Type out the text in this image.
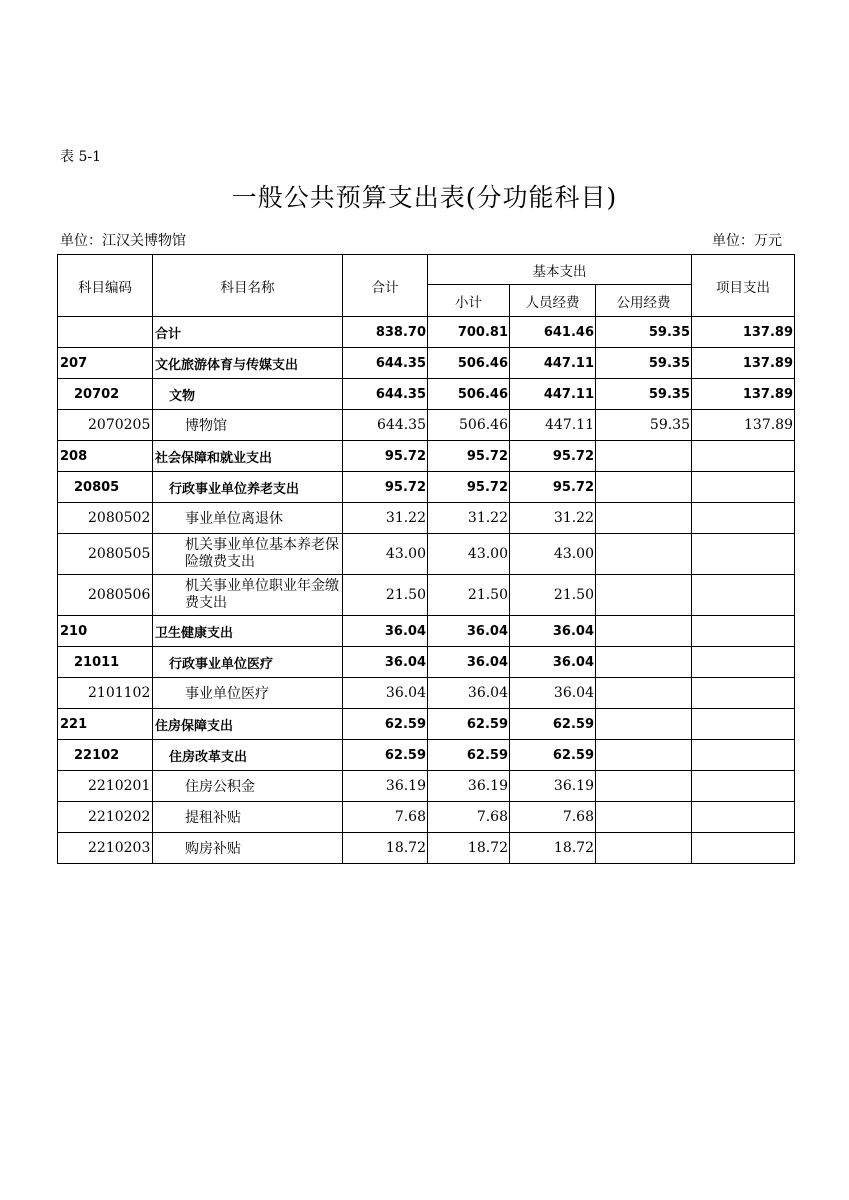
表 5-1
一般公共预算支出表(分功能科目)
单位：江汉关博物馆	单位：万元
科目编码	科目名称	合计	基本支出			项目支出
			小计	人员经费	公用经费	
	合计	838.70	700.81	641.46	59.35	137.89
207	文化旅游体育与传媒支出	644.35	506.46	447.11	59.35	137.89
20702	文物	644.35	506.46	447.11	59.35	137.89
2070205	博物馆	644.35	506.46	447.11	59.35	137.89
208	社会保障和就业支出	95.72	95.72	95.72		
20805	行政事业单位养老支出	95.72	95.72	95.72		
2080502	事业单位离退休	31.22	31.22	31.22		
2080505	机关事业单位基本养老保险缴费支出	43.00	43.00	43.00		
2080506	机关事业单位职业年金缴费支出	21.50	21.50	21.50		
210	卫生健康支出	36.04	36.04	36.04		
21011	行政事业单位医疗	36.04	36.04	36.04		
2101102	事业单位医疗	36.04	36.04	36.04		
221	住房保障支出	62.59	62.59	62.59		
22102	住房改革支出	62.59	62.59	62.59		
2210201	住房公积金	36.19	36.19	36.19		
2210202	提租补贴	7.68	7.68	7.68		
2210203	购房补贴	18.72	18.72	18.72		
